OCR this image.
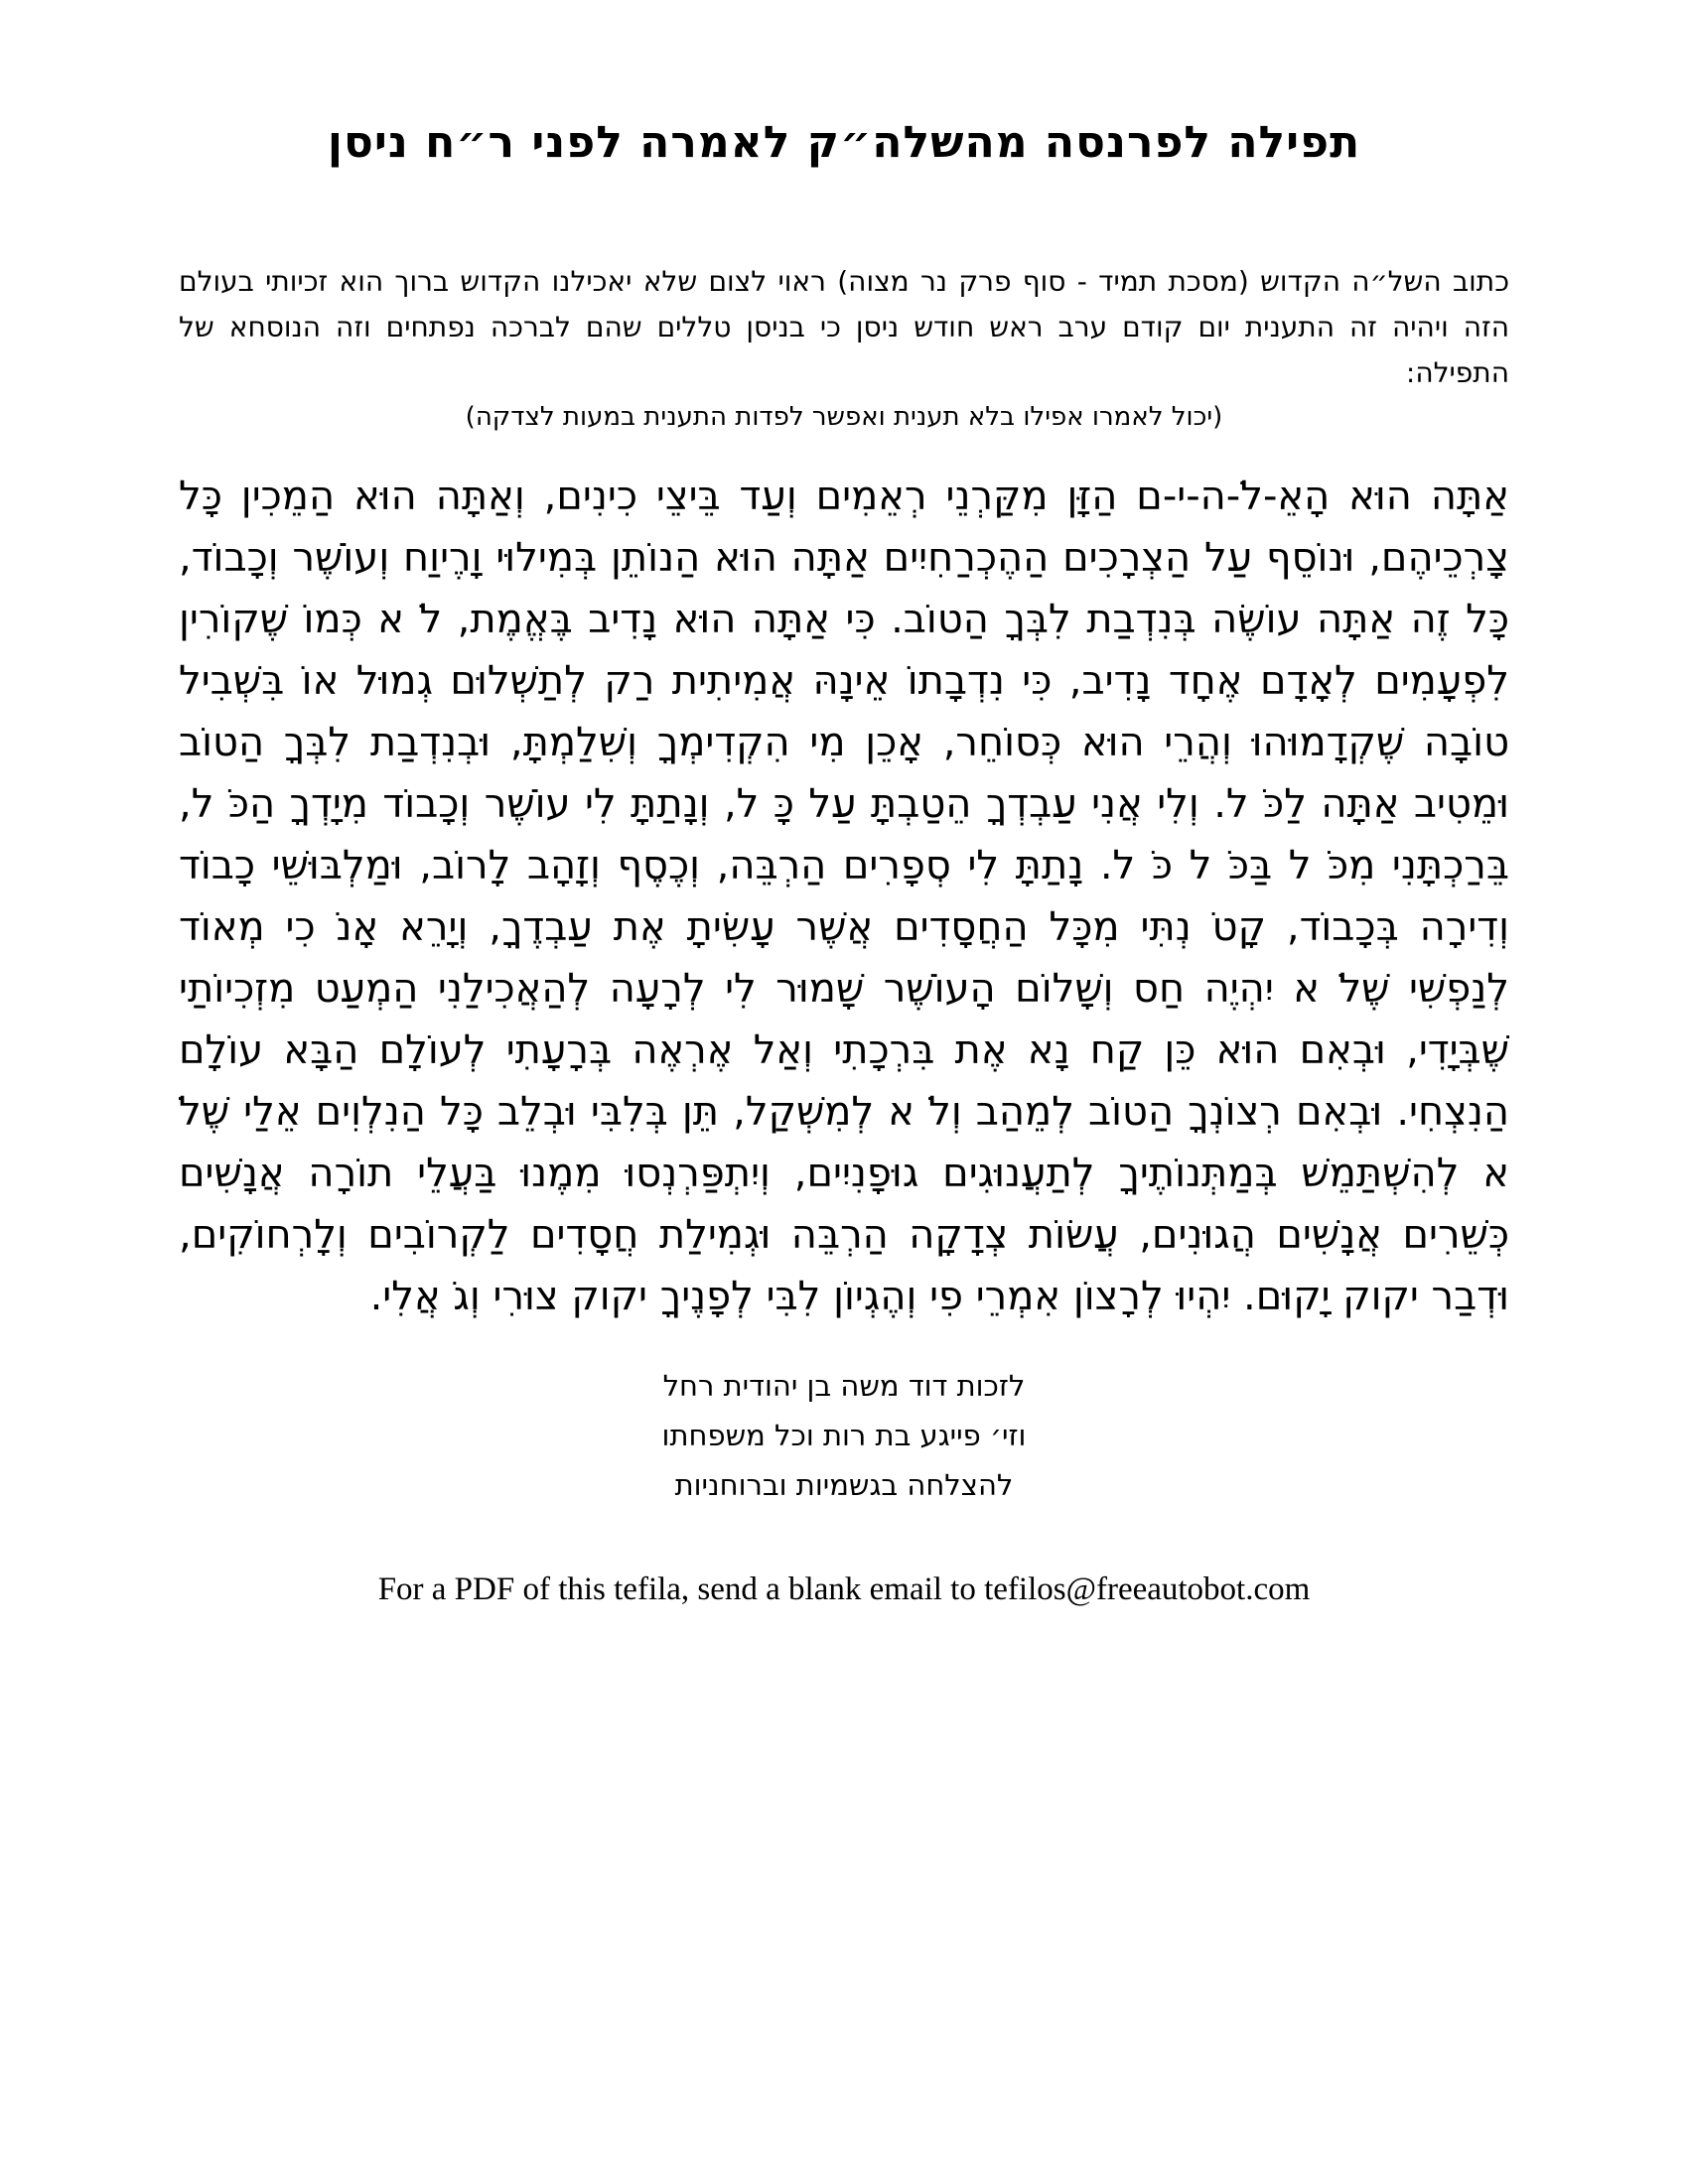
תפילה לפרנסה מהשלה״ק לאמרה לפני ר״ח ניסן
כתוב השל״ה הקדוש (מסכת תמיד - סוף פרק נר מצוה) ראוי לצום שלא יאכילנו הקדוש ברוך הוא זכיותי בעולם הזה ויהיה זה התענית יום קודם ערב ראש חודש ניסן כי בניסן טללים שהם לברכה נפתחים וזה הנוסחא של התפילה:
(יכול לאמרו אפילו בלא תענית ואפשר לפדות התענית במעות לצדקה)
אַתָּה הוּא הָאֵ-לֹ-ה-י-ם הַזָּן מִקַּרְנֵי רְאֵמִים וְעַד בֵּיצֵי כִינִים, וְאַתָּה הוּא הַמֵכִין כָּל צָרְכֵיהֶם, וּנוֹסֵף עַל הַצְרָכִים הַהֶכְרַחִיִים אַתָּה הוּא הַנוֹתֵן בְּמִילוּי וָרֶיוַח וְעוֹשֶׁר וְכָבוֹד, כָּל זֶה אַתָּה עוֹשֶׂה בְּנִדְבַת לִבְּךָ הַטוֹב. כִּי אַתָּה הוּא נָדִיב בֶּאֱמֶת, לֹ א כְּמוֹ שֶׁקוֹרִין לִפְעָמִים לְאָדָם אֶחָד נָדִיב, כִּי נִדְבָתוֹ אֵינָהּ אֲמִיתִית רַק לְתַשְׁלוּם גְמוּל אוֹ בִּשְׁבִיל טוֹבָה שֶׁקְדָמוּהוּ וְהֲרֵי הוּא כְּסוֹחֵר, אָכֵן מִי הִקְדִימְךָ וְשִׁלַמְתָּ, וּבְנִדְבַת לִבְּךָ הַטוֹב וּמֵטִיב אַתָּה לַכֹּ ל. וְלִי אֲנִי עַבְדְךָ הֵטַבְתָּ עַל כָּ ל, וְנָתַתָּ לִי עוֹשֶׁר וְכָבוֹד מִיָדְךָ הַכֹּ ל, בֵּרַכְתָּנִי מִכֹּ ל בַּכֹּ ל כֹּ ל. נָתַתָּ לִי סְפָרִים הַרְבֵּה, וְכֶסֶף וְזָהָב לָרוֹב, וּמַלְבּוּשֵׁי כָבוֹד וְדִירָה בְּכָבוֹד, קָטֹ נְתִּי מִכָּל הַחֲסָדִים אֲשֶׁר עָשִׂיתָ אֶת עַבְדֶךָ, וְיָרֵא אָנֹ כִי מְאוֹד לְנַפְשִׁי שֶׁלֹ א יִהְיֶה חַס וְשָׁלוֹם הָעוֹשֶׁר שָׁמוּר לִי לְרָעָה לְהַאֲכִילַנִי הַמְעַט מִזְכִיוֹתַי שֶׁבְּיָדִי, וּבְאִם הוּא כֵּן קַח נָא אֶת בִּרְכָתִי וְאַל אֶרְאֶה בְּרָעָתִי לְעוֹלָם הַבָּא עוֹלָם הַנִצְחִי. וּבְאִם רְצוֹנְךָ הַטוֹב לְמֵהַב וְלֹ א לְמִשְׁקַל, תֵּן בְּלִבִּי וּבְלֵב כָּל הַנִלְוִים אֵלַי שֶׁלֹ א לְהִשְׁתַּמֵשׁ בְּמַתְּנוֹתֶיךָ לְתַעֲנוּגִים גוּפָנִיִים, וְיִתְפַּרְנְסוּ מִמֶנוּ בַּעֲלֵי תוֹרָה אֲנָשִׁים כְּשֵׁרִים אֲנָשִׁים הֲגוּנִים, עֲשׂוֹת צְדָקָה הַרְבֵּה וּגְמִילַת חֲסָדִים לַקְרוֹבִים וְלָרְחוֹקִים, וּדְבַר יקוק יָקוּם. יִהְיוּ לְרָצוֹן אִמְרֵי פִי וְהֶגְיוֹן לִבִּי לְפָנֶיךָ יקוק צוּרִי וְגֹ אֲלִי.
לזכות דוד משה בן יהודית רחל
וזי׳ פייגע בת רות וכל משפחתו
להצלחה בגשמיות וברוחניות
For a PDF of this tefila, send a blank email to tefilos@freeautobot.com
